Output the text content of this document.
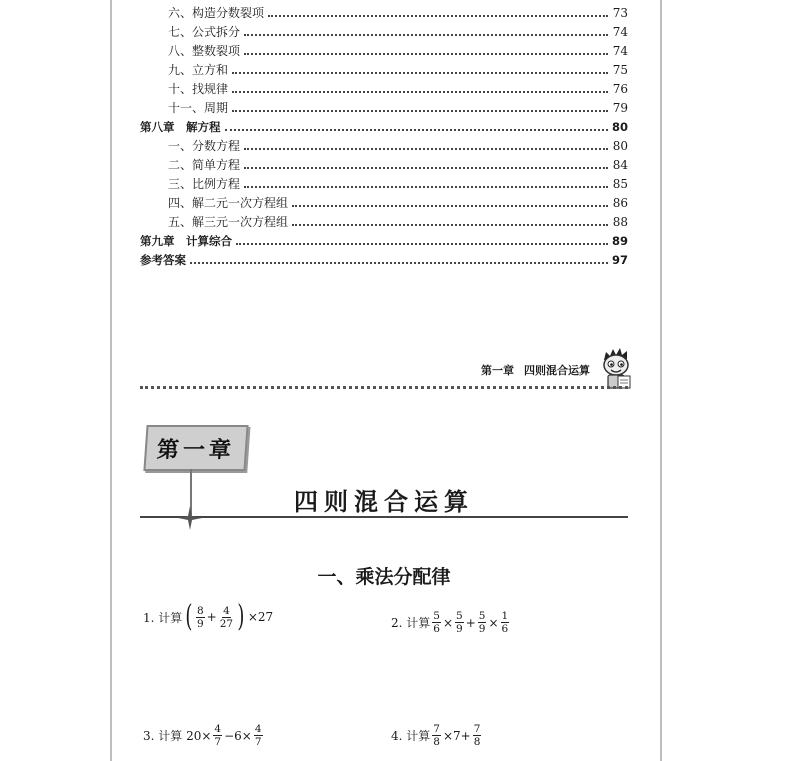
六、构造分数裂项	73
七、公式拆分	74
八、整数裂项	74
九、立方和	75
十、找规律	76
十一、周期	79
第八章　解方程	80
一、分数方程	80
二、简单方程	84
三、比例方程	85
四、解二元一次方程组	86
五、解三元一次方程组	88
第九章　计算综合	89
参考答案	97
第一章 四则混合运算
第一章
四则混合运算
一、乘法分配律
1. 计算 ( $\frac{8}{9} + \frac{4}{27}$ ) ×27	2. 计算 $\frac{5}{6} \times \frac{5}{9} + \frac{5}{9} \times \frac{1}{6}$
3. 计算 $20\times \frac{4}{7} -6\times \frac{4}{7}$	4. 计算 $\frac{7}{8} \times 7+ \frac{7}{8}$
